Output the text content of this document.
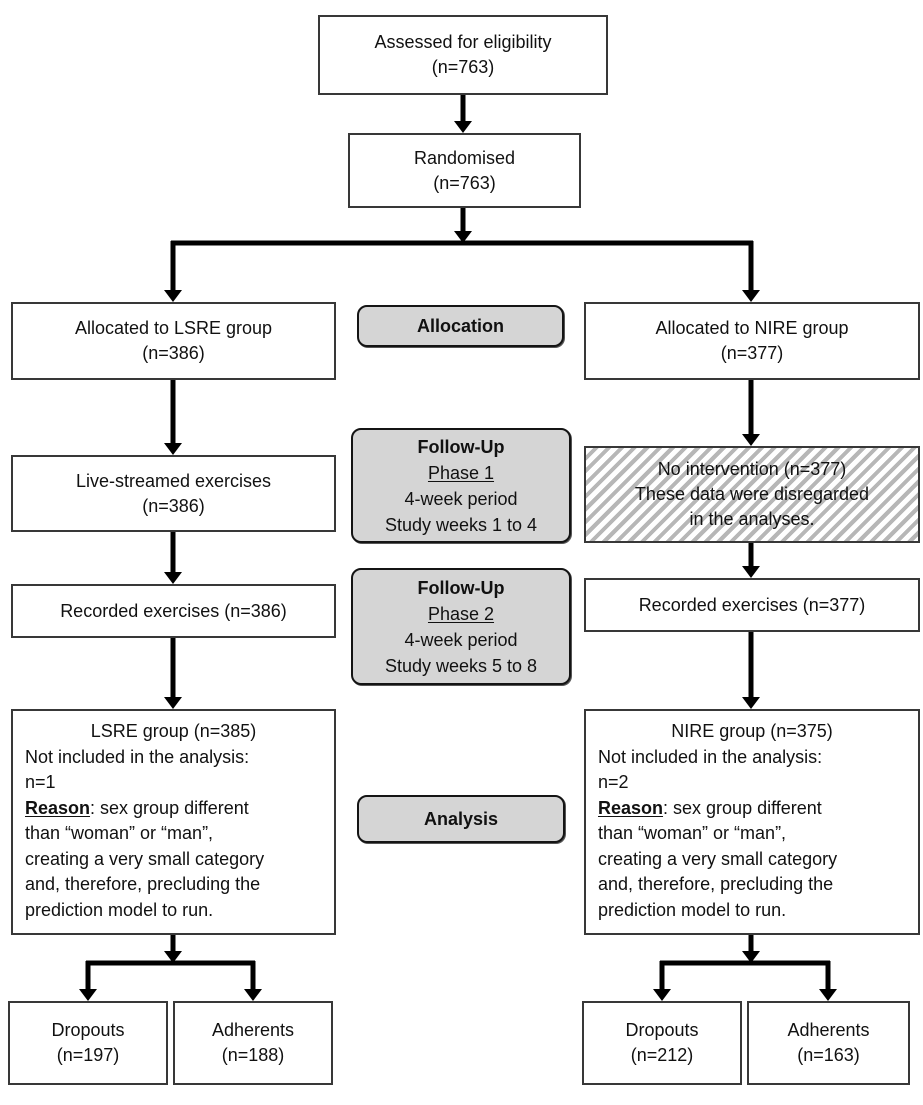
Assessed for eligibility
(n=763)
Randomised
(n=763)
Allocated to LSRE group
(n=386)
Allocation	Allocated to NIRE group
(n=377)
Live-streamed exercises
(n=386)
Follow-Up
Phase 1
4-week period
Study weeks 1 to 4
No intervention (n=377)
These data were disregarded
in the analyses.
Recorded exercises (n=386)
Follow-Up
Phase 2
4-week period
Study weeks 5 to 8
Recorded exercises (n=377)
LSRE group (n=385)
Not included in the analysis:
n=1
Reason: sex group different
than “woman” or “man”,
creating a very small category
and, therefore, precluding the
prediction model to run.
Analysis
NIRE group (n=375)
Not included in the analysis:
n=2
Reason: sex group different
than “woman” or “man”,
creating a very small category
and, therefore, precluding the
prediction model to run.
Dropouts
(n=197)
Adherents
(n=188)
Dropouts
(n=212)
Adherents
(n=163)
